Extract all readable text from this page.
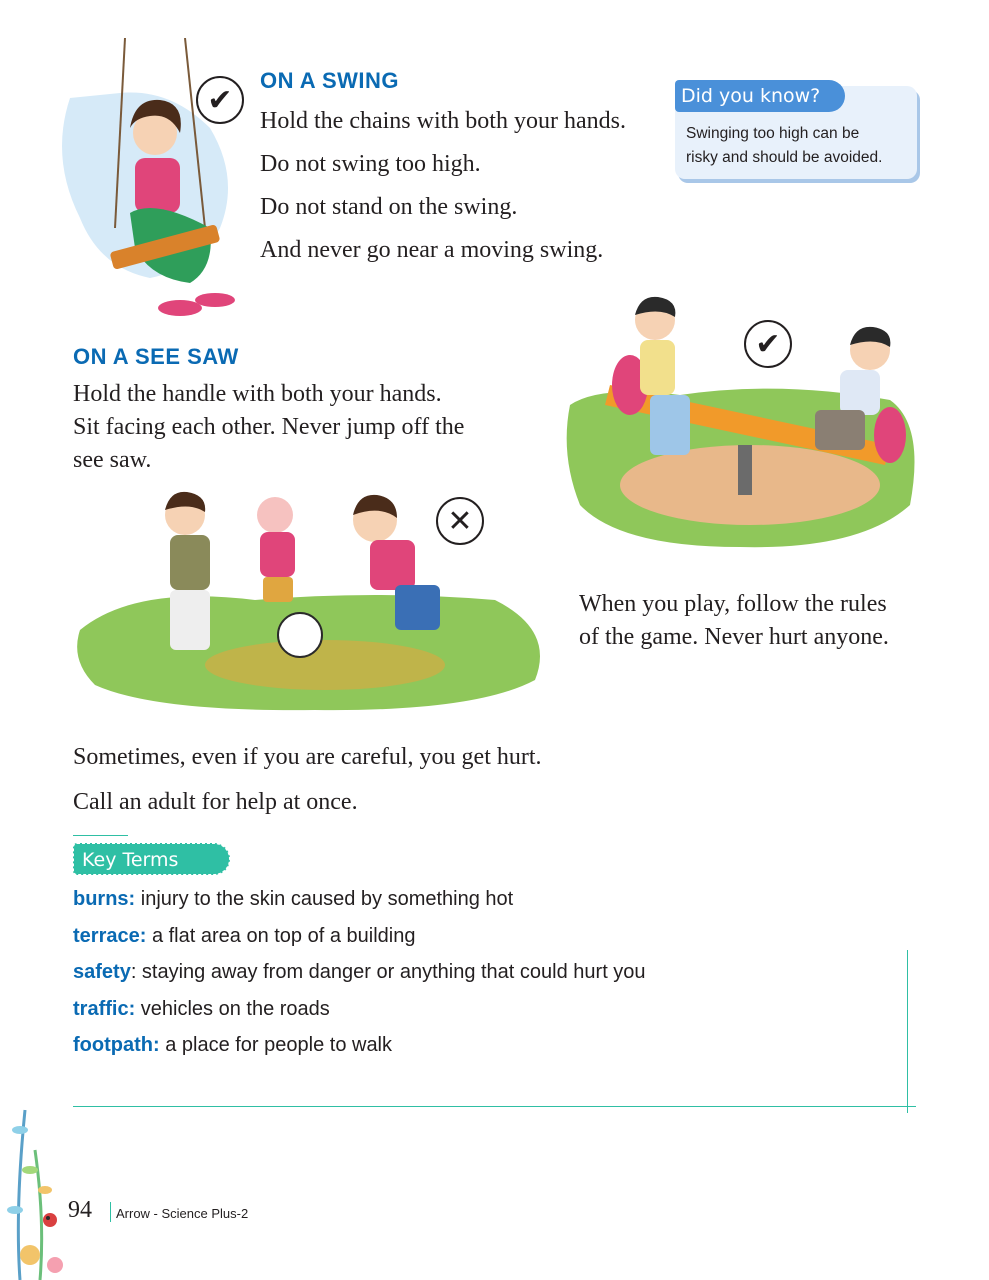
✔
ON A SWING
Hold the chains with both your hands.
Do not swing too high.
Do not stand on the swing.
And never go near a moving swing.
Did you know?
Swinging too high can be
risky and should be avoided.
✔
ON A SEE SAW
Hold the handle with both your hands.
Sit facing each other. Never jump off the
see saw.
✕
When you play, follow the rules
of the game. Never hurt anyone.
Sometimes, even if you are careful, you get hurt.
Call an adult for help at once.
Key Terms
burns: injury to the skin caused by something hot
terrace: a flat area on top of a building
safety: staying away from danger or anything that could hurt you
traffic: vehicles on the roads
footpath: a place for people to walk
94 Arrow - Science Plus-2
